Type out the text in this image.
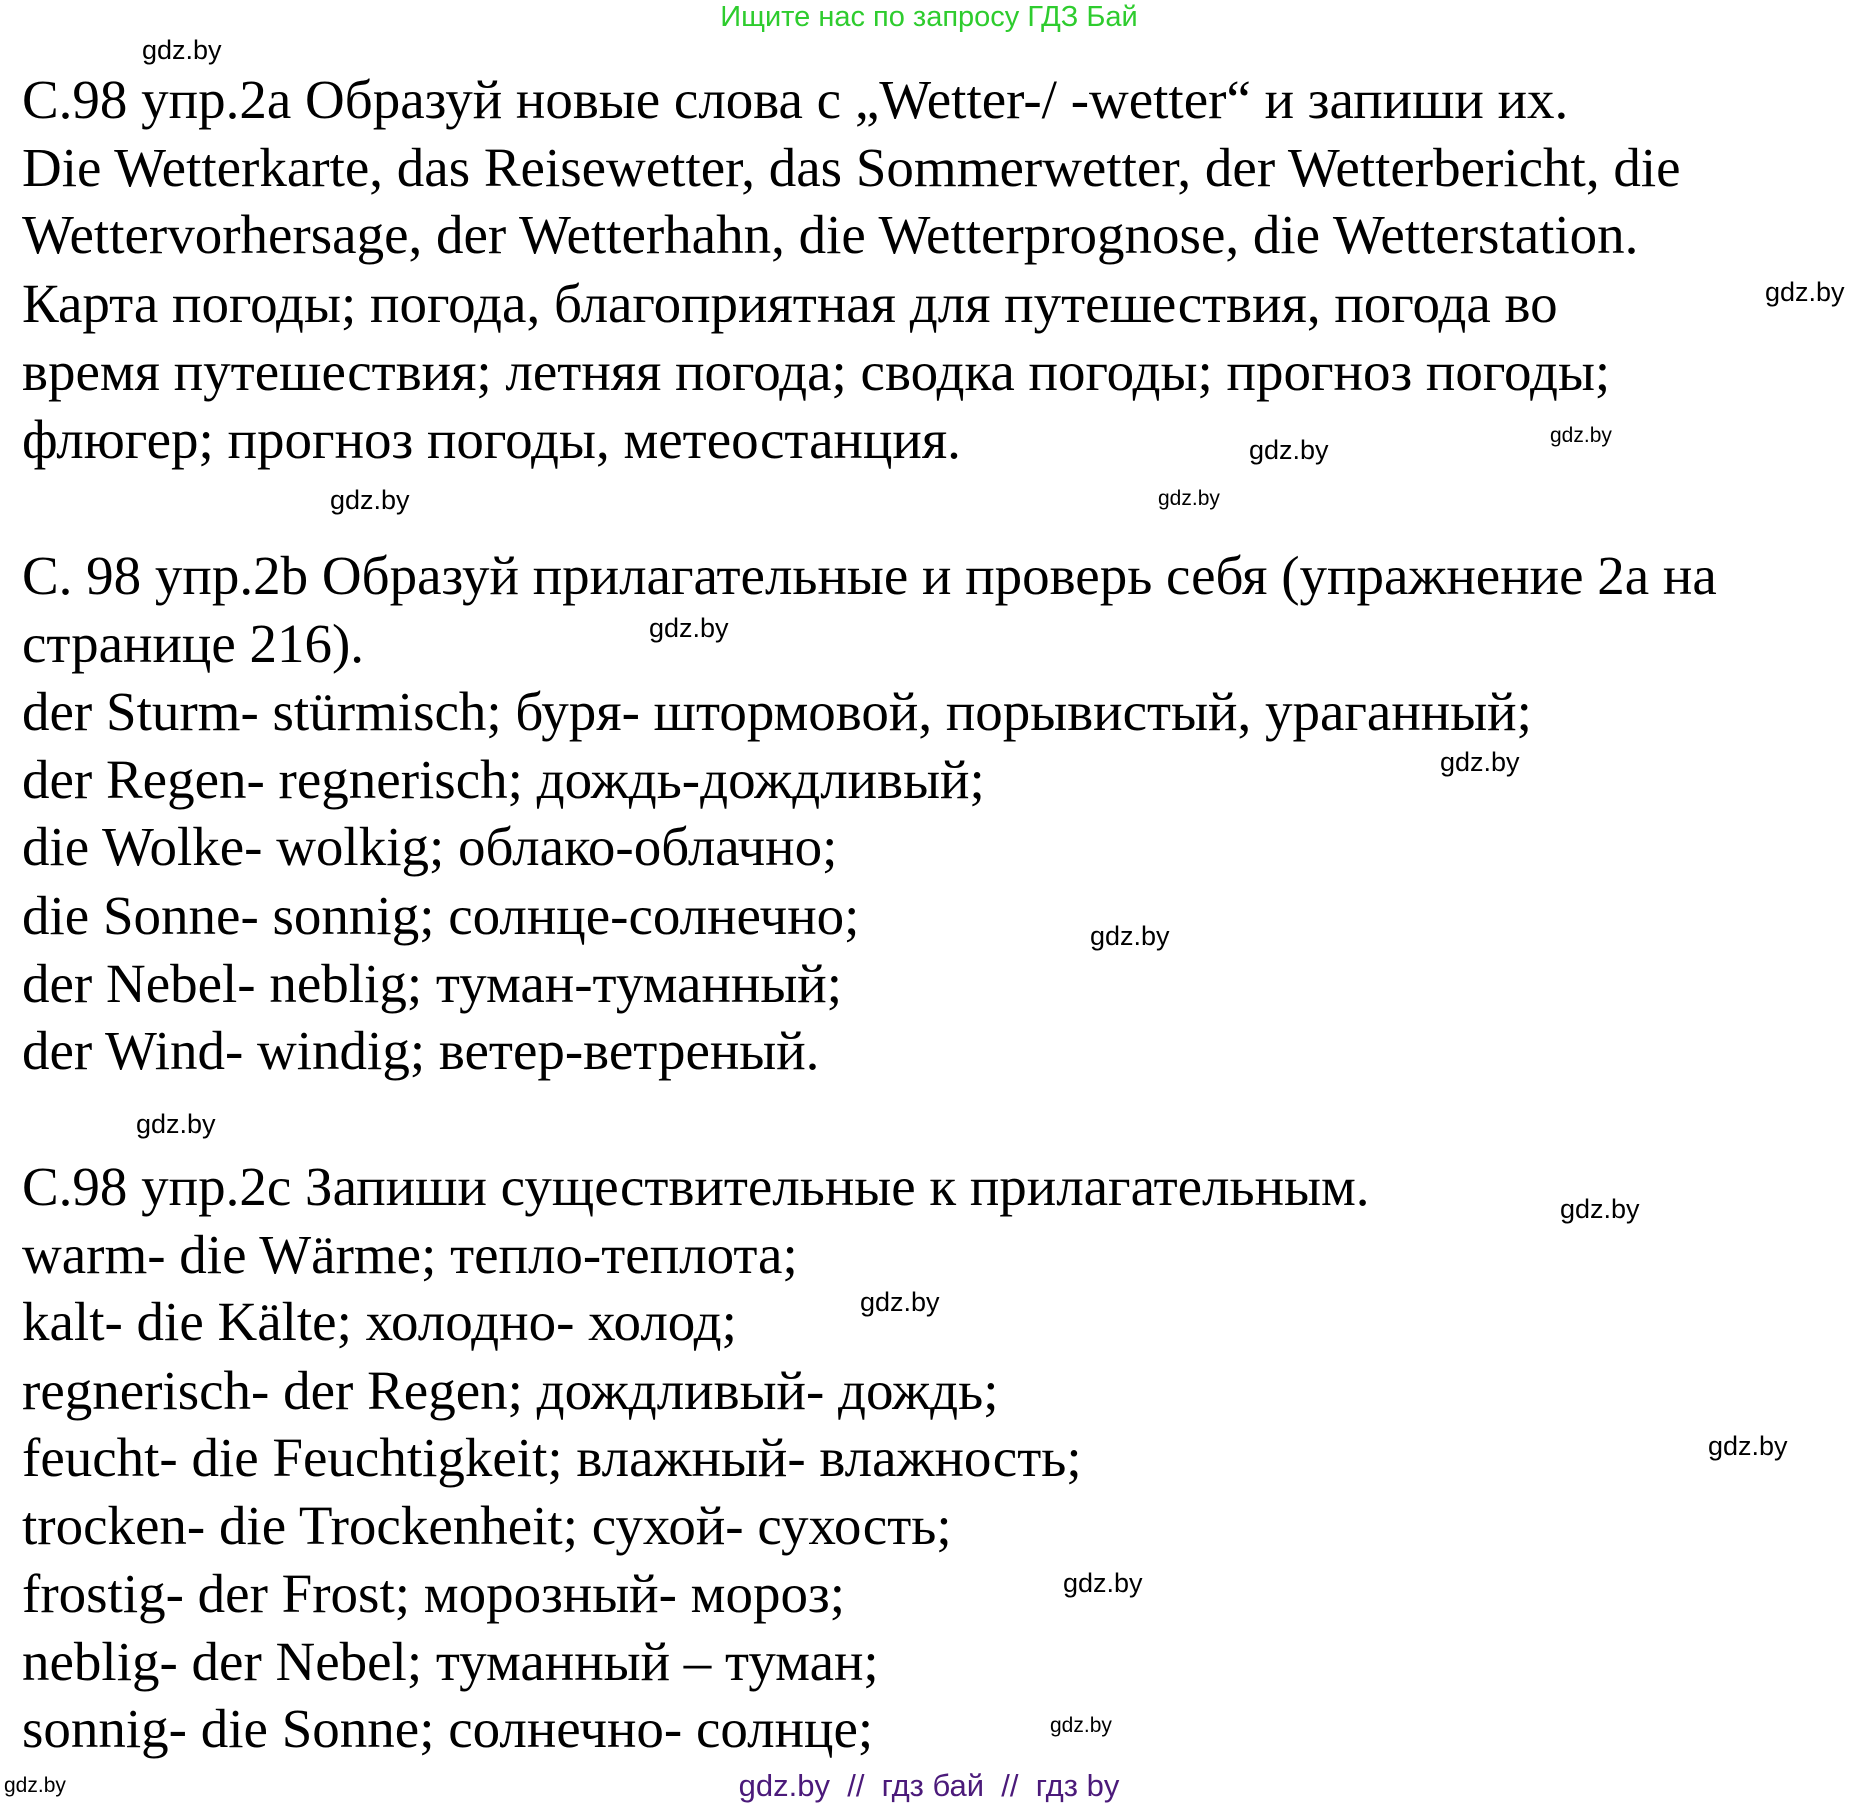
Ищите нас по запросу ГДЗ Бай
С.98 упр.2а Образуй новые слова с „Wetter-/ -wetter“ и запиши их.
Die Wetterkarte, das Reisewetter, das Sommerwetter, der Wetterbericht, die
Wettervorhersage, der Wetterhahn, die Wetterprognose, die Wetterstation.
Карта погоды; погода, благоприятная для путешествия, погода во
время путешествия; летняя погода; сводка погоды; прогноз погоды;
флюгер; прогноз погоды, метеостанция.
С. 98 упр.2b Образуй прилагательные и проверь себя (упражнение 2а на
странице 216).
der Sturm- stürmisch; буря- штормовой, порывистый, ураганный;
der Regen- regnerisch; дождь-дождливый;
die Wolke- wolkig; облако-облачно;
die Sonne- sonnig; солнце-солнечно;
der Nebel- neblig; туман-туманный;
der Wind- windig; ветер-ветреный.
С.98 упр.2с Запиши существительные к прилагательным.
warm- die Wärme; тепло-теплота;
kalt- die Kälte; холодно- холод;
regnerisch- der Regen; дождливый- дождь;
feucht- die Feuchtigkeit; влажный- влажность;
trocken- die Trockenheit; сухой- сухость;
frostig- der Frost; морозный- мороз;
neblig- der Nebel; туманный – туман;
sonnig- die Sonne; солнечно- солнце;
gdz.by
gdz.by
gdz.by
gdz.by
gdz.by
gdz.by
gdz.by
gdz.by
gdz.by
gdz.by
gdz.by
gdz.by
gdz.by
gdz.by
gdz.by
gdz.by	gdz.by  //  гдз бай  //  гдз by
